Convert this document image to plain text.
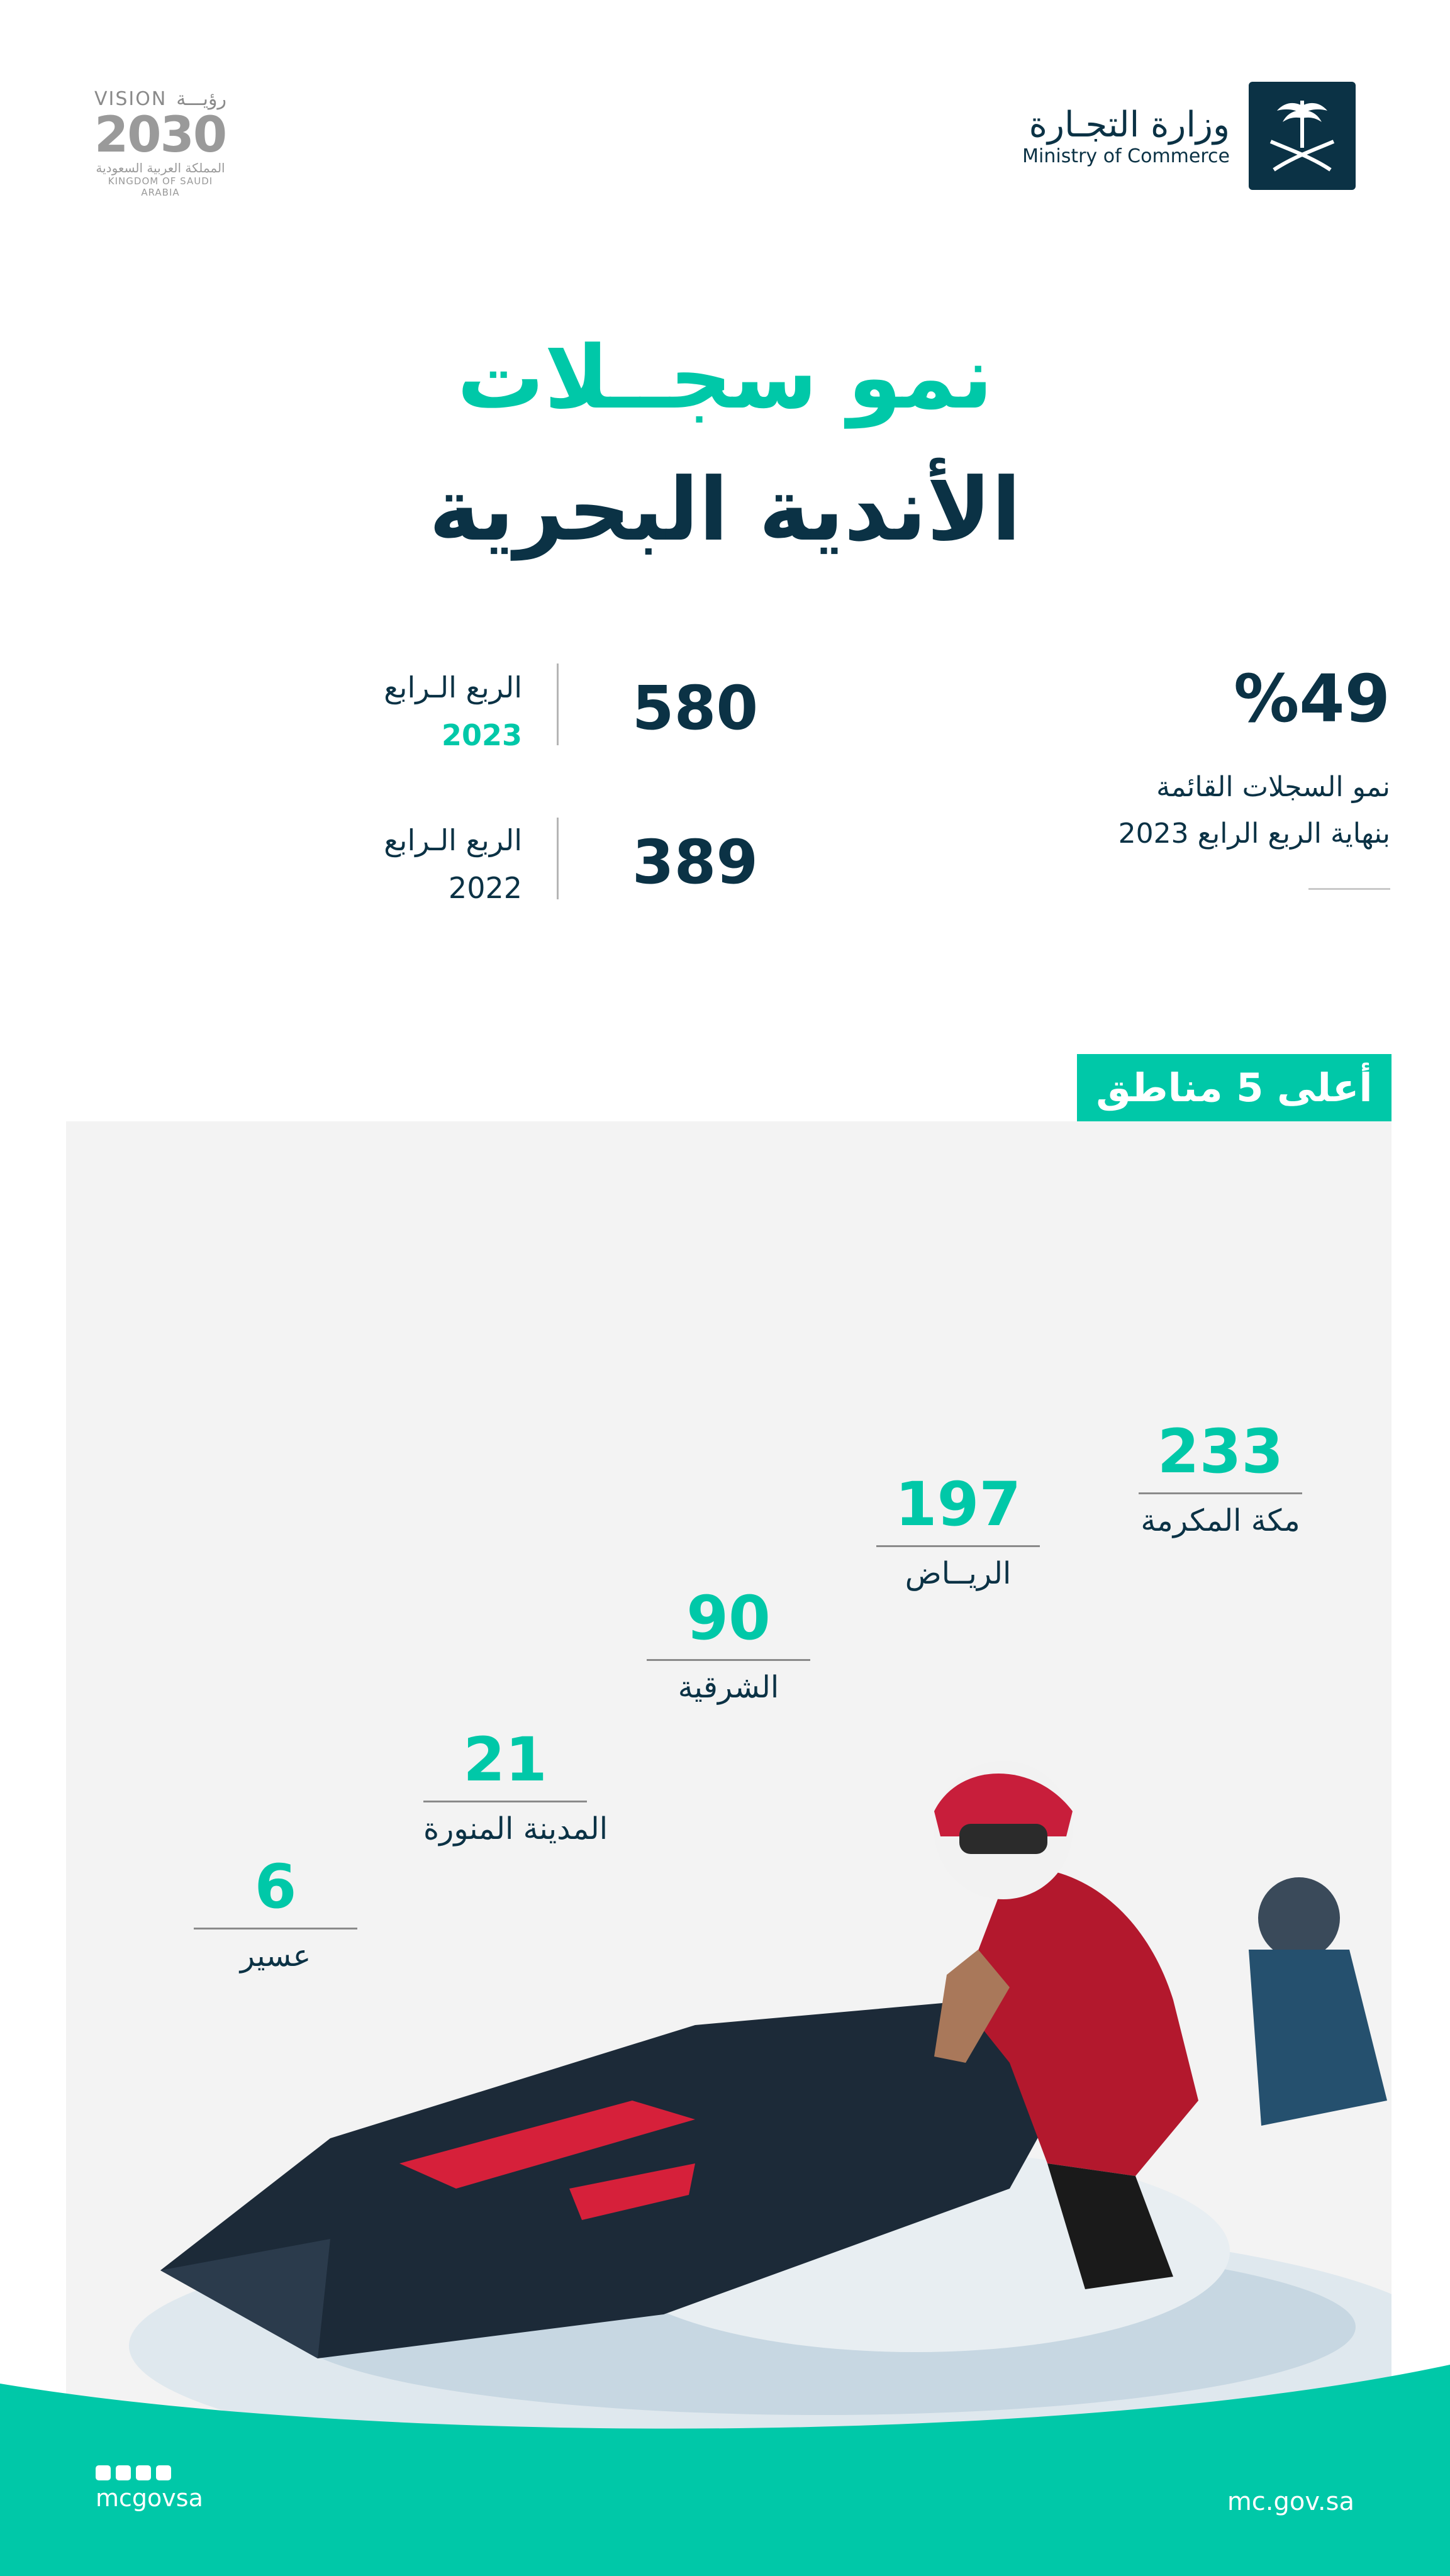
VISION رؤيـــة
2030
المملكة العربية السعودية
KINGDOM OF SAUDI ARABIA
وزارة التجـارة
Ministry of Commerce
نمو سجــلات
الأندية البحرية
%49
نمو السجلات القائمة
بنهاية الربع الرابع 2023
580
الربع الـرابع
2023
389
الربع الـرابع
2022
أعلى 5 مناطق
233
مكة المكرمة
197
الريــاض
90
الشرقية
21
المدينة المنورة
6
عسير
mcgovsa	mc.gov.sa
